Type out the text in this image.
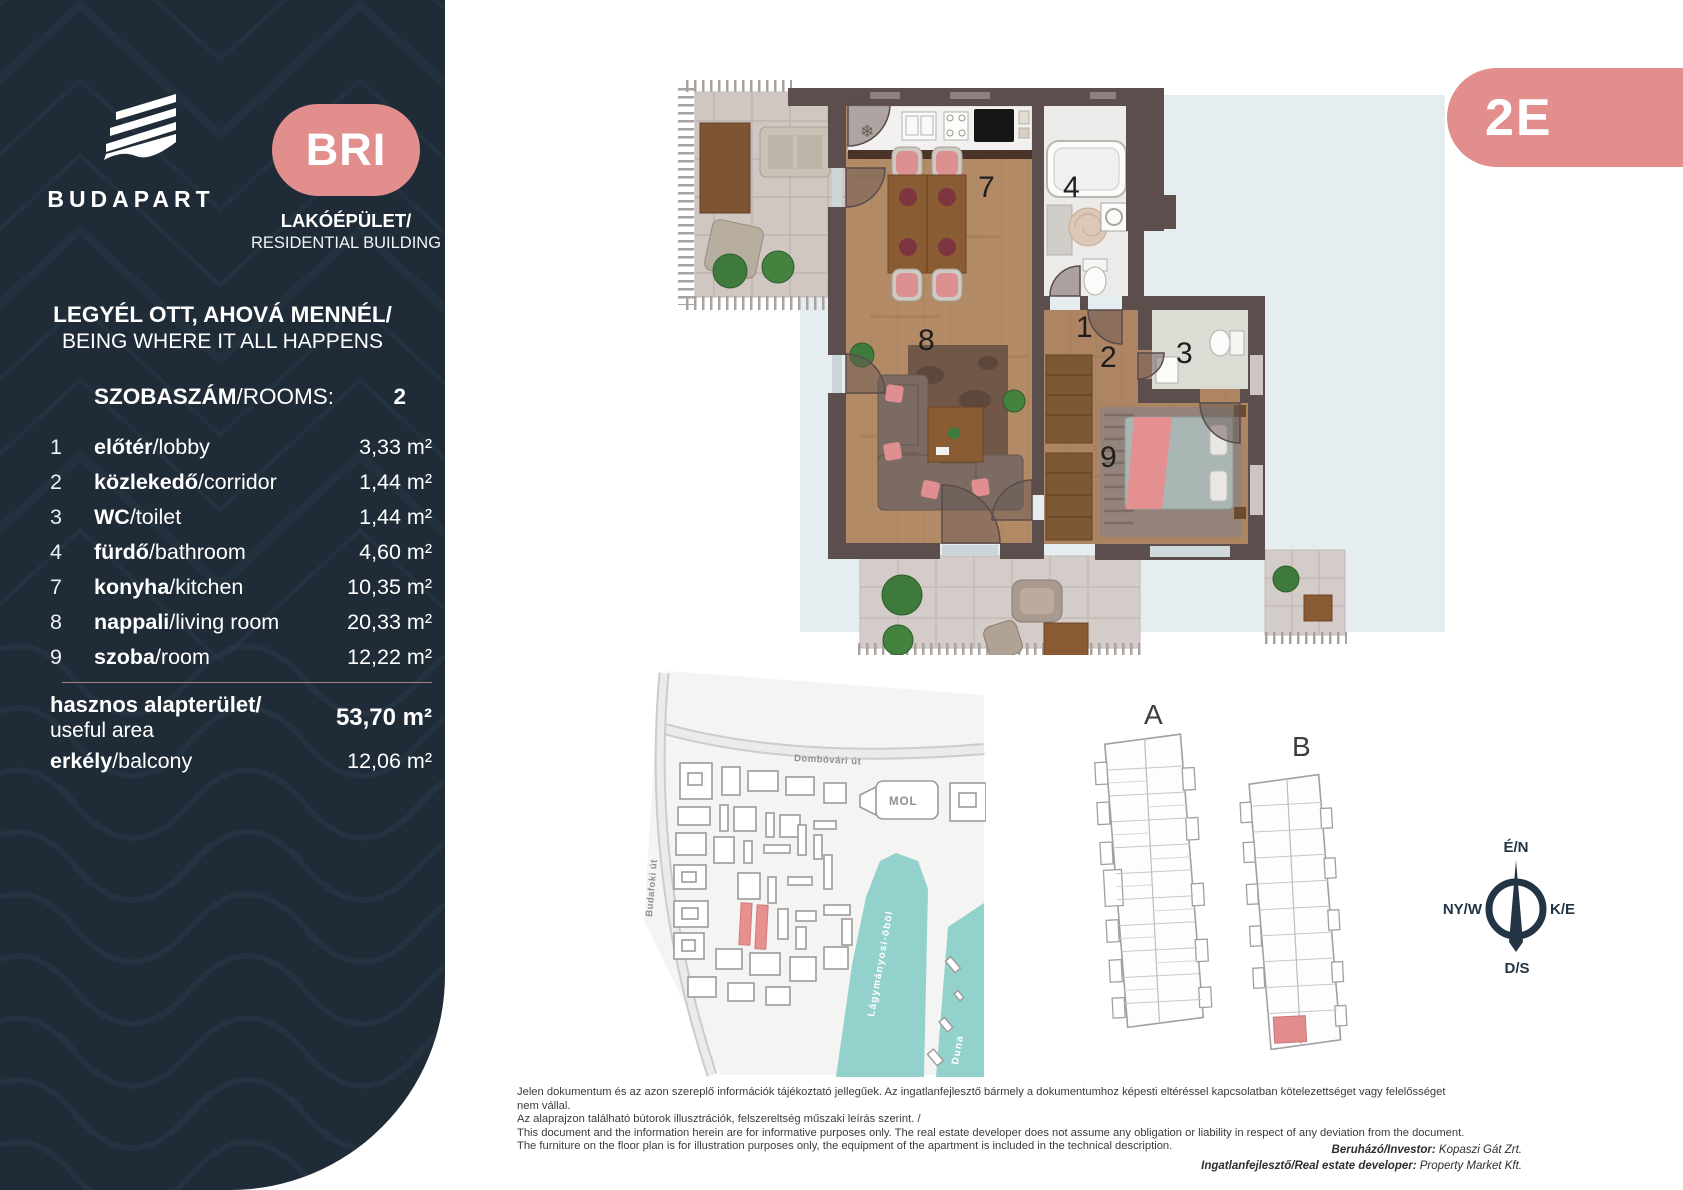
BUDAPART
BRI
LAKÓÉPÜLET/
RESIDENTIAL BUILDING
LEGYÉL OTT, AHOVÁ MENNÉL/
BEING WHERE IT ALL HAPPENS
SZOBASZÁM/ROOMS:	2
1	előtér/lobby	3,33 m²
2	közlekedő/corridor	1,44 m²
3	WC/toilet	1,44 m²
4	fürdő/bathroom	4,60 m²
7	konyha/kitchen	10,35 m²
8	nappali/living room	20,33 m²
9	szoba/room	12,22 m²
hasznos alapterület/
useful area	53,70 m²
erkély/balcony	12,06 m²
2E
7 4
1
2 3
8
9
MOL
Lágymányosi-öböl
Duna
Dombóvári út
Budafoki út
A
B
É/N
NY/W	K/E
D/S
Jelen dokumentum és az azon szereplő információk tájékoztató jellegűek. Az ingatlanfejlesztő bármely a dokumentumhoz képesti eltéréssel kapcsolatban kötelezettséget vagy felelősséget nem vállal.
Az alaprajzon található bútorok illusztrációk, felszereltség műszaki leírás szerint. /
This document and the information herein are for informative purposes only. The real estate developer does not assume any obligation or liability in respect of any deviation from the document.
The furniture on the floor plan is for illustration purposes only, the equipment of the apartment is included in the technical description.	Beruházó/Investor: Kopaszi Gát Zrt.
Ingatlanfejlesztő/Real estate developer: Property Market Kft.
